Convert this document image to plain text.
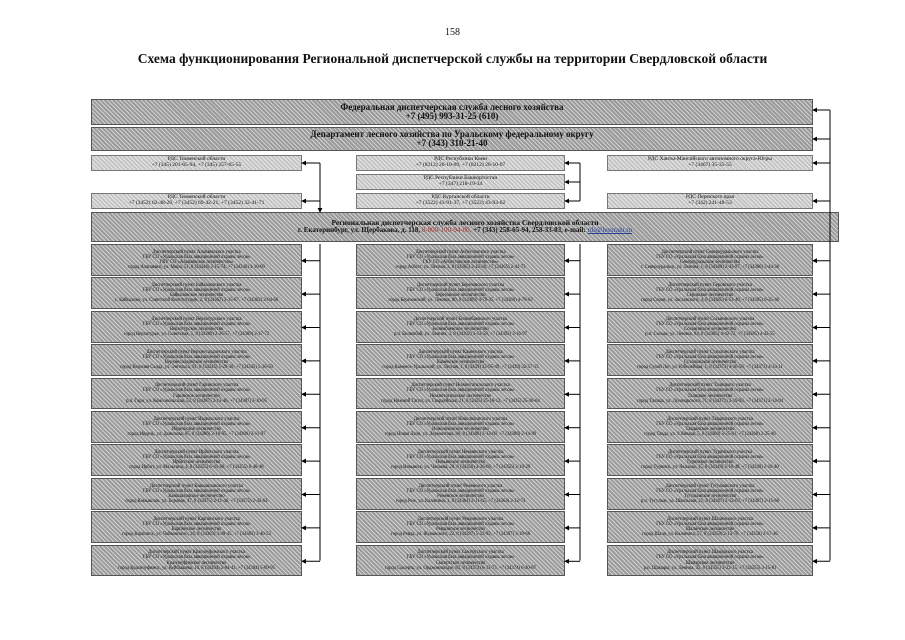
158
Схема функционирования Региональной диспетчерской службы на территории Свердловской области
Федеральная диспетчерская служба лесного хозяйства
+7 (495) 993-31-25 (610)
Департамент лесного хозяйства по Уральскому федеральному округу
+7 (343) 310-21-40
РДС Тюменской области
+7 (345) 201-65-94, +7 (345) 257-65-55
РДС Республики Коми
+7 (8212) 20-10-09, +7 (8212) 20-10-07
РДС Республики Башкортостан
+7 (347) 218-19-34
РДС Ханты-Мансийского автономного округа-Югры
+7 (3467) 35-35-55
РДС Тюменской области
+7 (3452) 62-48-28, +7 (3452) 69-42-21, +7 (3452) 32-41-71
РДС Курганской области
+7 (3522) 43-91-37, +7 (3522) 43-93-62
РДС Пермского края
+7 (342) 241-48-53
Региональная диспетчерская служба лесного хозяйства Свердловской области
г. Екатеринбург, ул. Щербакова, д. 118, 8-800-100-94-00, +7 (343) 258-65-94, 258-33-83, e-mail: rds@lesuralu.ru
Диспетчерский пункт Алапаевского участка
ГБУ СО «Уральская база авиационной охраны лесов»
ГКУ СО «Алапаевское лесничество»
город Алапаевск, ул. Мира, 51, 8 (34346) 2-15-74, +7 (34346) 3-10-09
Диспетчерский пункт Байкаловского участка
ГБУ СО «Уральская база авиационной охраны лесов»
Байкаловское лесничество
с. Байкалово, ул. Советской Конституции, 2, 8 (34362) 2-15-87, +7 (34362) 2-04-66
Диспетчерский пункт Верхотурского участка
ГБУ СО «Уральская база авиационной охраны лесов»
Верхотурское лесничество
город Верхотурье, ул. Советская, 1, 8 (34389) 2-26-57, +7 (34389) 2-17-72
Диспетчерский пункт Верхнесалдинского участка
ГБУ СО «Уральская база авиационной охраны лесов»
Верхнесалдинское лесничество
город Верхняя Салда, ул. Энгельса, 91, 8 (34345) 5-29-38, +7 (34345) 5-36-50
Диспетчерский пункт Гаринского участка
ГБУ СО «Уральская база авиационной охраны лесов»
Гаринское лесничество
р.п. Гари, ул. Комсомольская, 52, 8 (34387) 2-13-46, +7 (34387) 2-10-95
Диспетчерский пункт Ивдельского участка
ГБУ СО «Уральская база авиационной охраны лесов»
Ивдельское лесничество
город Ивдель, ул. Данилова, 85, 8 (34386) 2-10-95, +7 (34386) 2-11-97
Диспетчерский пункт Ирбитского участка
ГБУ СО «Уральская база авиационной охраны лесов»
Ирбитское лесничество
город Ирбит, ул. Мальгина, 4, 8 (34355) 6-43-66, +7 (34355) 6-48-48
Диспетчерский пункт Камышловского участка
ГБУ СО «Уральская база авиационной охраны лесов»
Камышловское лесничество
город Камышлов, ул. Боровая, 47, 8 (34375) 2-11-46, +7 (34375) 2-42-64
Диспетчерский пункт Карпинского участка
ГБУ СО «Уральская база авиационной охраны лесов»
Карпинское лесничество
город Карпинск, ул. Чайковского, 26, 8 (34383) 3-49-45, +7 (34383) 3-40-53
Диспетчерский пункт Красноуфимского участка
ГБУ СО «Уральская база авиационной охраны лесов»
Красноуфимское лесничество
город Красноуфимск, ул. Куйбышева, 16, 8 (34394) 2-04-41, +7 (34394) 5-09-95
Диспетчерский пункт Асбестовского участка
ГБУ СО «Уральская база авиационной охраны лесов»
ГКУ СО «Асбестовское лесничество»
город Асбест, ул. Лесная, 3, 8 (34365) 2-42-26, +7 (34365) 2-41-73
Диспетчерский пункт Березовского участка
ГБУ СО «Уральская база авиационной охраны лесов»
Березовское лесничество
город Березовский, ул. Ленина, 80, 8 (34369) 4-78-35, +7 (34369) 4-79-62
Диспетчерский пункт Билимбаевского участка
ГБУ СО «Уральская база авиационной охраны лесов»
Билимбаевское лесничество
р.п. Билимбай, ул. Ленина, 3, 8 (34392) 3-13-58, +7 (34392) 3-16-97
Диспетчерский пункт Каменского участка
ГБУ СО «Уральская база авиационной охраны лесов»
Каменское лесничество
город Каменск-Уральский, ул. Лесная, 1, 8 (3439) 32-95-49, +7 (3439) 32-57-15
Диспетчерский пункт Нижнетагильского участка
ГБУ СО «Уральская база авиационной охраны лесов»
Нижнетагильское лесничество
город Нижний Тагил, ул. Гвардейская, 21, 8 (3435) 25-18-12, +7 (3435) 25-36-64
Диспетчерский пункт Новолялинского участка
ГБУ СО «Уральская база авиационной охраны лесов»
Новолялинское лесничество
город Новая Ляля, ул. Лермонтова, 80, 8 (34388) 2-13-69, +7 (34388) 2-14-99
Диспетчерский пункт Невьянского участка
ГБУ СО «Уральская база авиационной охраны лесов»
Невьянское лесничество
город Невьянск, ул. Чапаева, 28, 8 (34356) 4-26-66, +7 (34356) 2-10-29
Диспетчерский пункт Режевского участка
ГБУ СО «Уральская база авиационной охраны лесов»
Режевское лесничество
город Реж, ул. Калинина, 1, 8 (34364) 2-11-65, +7 (34364) 2-12-74
Диспетчерский пункт Ревдинского участка
ГБУ СО «Уральская база авиационной охраны лесов»
Ревдинское лесничество
город Ревда, ул. Жуковского, 22, 8 (34397) 5-22-92, +7 (34397) 3-19-68
Диспетчерский пункт Сысертского участка
ГБУ СО «Уральская база авиационной охраны лесов»
Сысертское лесничество
город Сысерть, ул. Орджоникидзе, 83, 8 (34374) 6-11-73, +7 (34374) 6-20-87
Диспетчерский пункт Североуральского участка
ГБУ СО «Уральская база авиационной охраны лесов»
Североуральское лесничество
г. Североуральск, ул. Ленина, 1, 8 (34380) 2-43-97, +7 (34380) 2-44-30
Диспетчерский пункт Серовского участка
ГБУ СО «Уральская база авиационной охраны лесов»
Серовское лесничество
город Серов, ул. Заславского, 4, 8 (34385) 6-53-40, +7 (34385) 6-35-46
Диспетчерский пункт Сосьвинского участка
ГБУ СО «Уральская база авиационной охраны лесов»
Сосьвинское лесничество
р.п. Сосьва, ул. Ленина, 84, 8 (34385) 4-42-72, +7 (34385) 4-42-55
Диспетчерский пункт Сухоложского участка
ГБУ СО «Уральская база авиационной охраны лесов»
Сухоложское лесничество
город Сухой Лог, ул. Юбилейная, 1, 8 (34373) 4-36-58, +7 (34373) 4-33-11
Диспетчерский пункт Талицкого участка
ГБУ СО «Уральская база авиационной охраны лесов»
Талицкое лесничество
город Талица, ул. Луначарского, 71, 8 (34371) 2-19-93, +7 (34371) 2-14-94
Диспетчерский пункт Тавдинского участка
ГБУ СО «Уральская база авиационной охраны лесов»
Тавдинское лесничество
город Тавда, ул. 9 Января, 5, 8 (34360) 3-25-01, +7 (34360) 3-25-46
Диспетчерский пункт Туринского участка
ГБУ СО «Уральская база авиационной охраны лесов»
Туринское лесничество
город Туринск, ул. Чкалова, 15, 8 (34349) 2-10-48, +7 (34349) 2-18-40
Диспетчерский пункт Тугулымского участка
ГБУ СО «Уральская база авиационной охраны лесов»
Тугулымское лесничество
р.п. Тугулым, ул. Школьная, 21, 8 (34367) 2-12-03, +7 (34367) 2-15-60
Диспетчерский пункт Шалинского участка
ГБУ СО «Уральская база авиационной охраны лесов»
Шалинское лесничество
город Шаля, ул. Калинина, 57, 8 (34358) 2-13-70, +7 (34358) 2-17-46
Диспетчерский пункт Шамарского участка
ГБУ СО «Уральская база авиационной охраны лесов»
Шамарское лесничество
р.п. Шамары, ул. Ленина, 35, 8 (34355) 3-22-15, +7 (34355) 3-15-81
